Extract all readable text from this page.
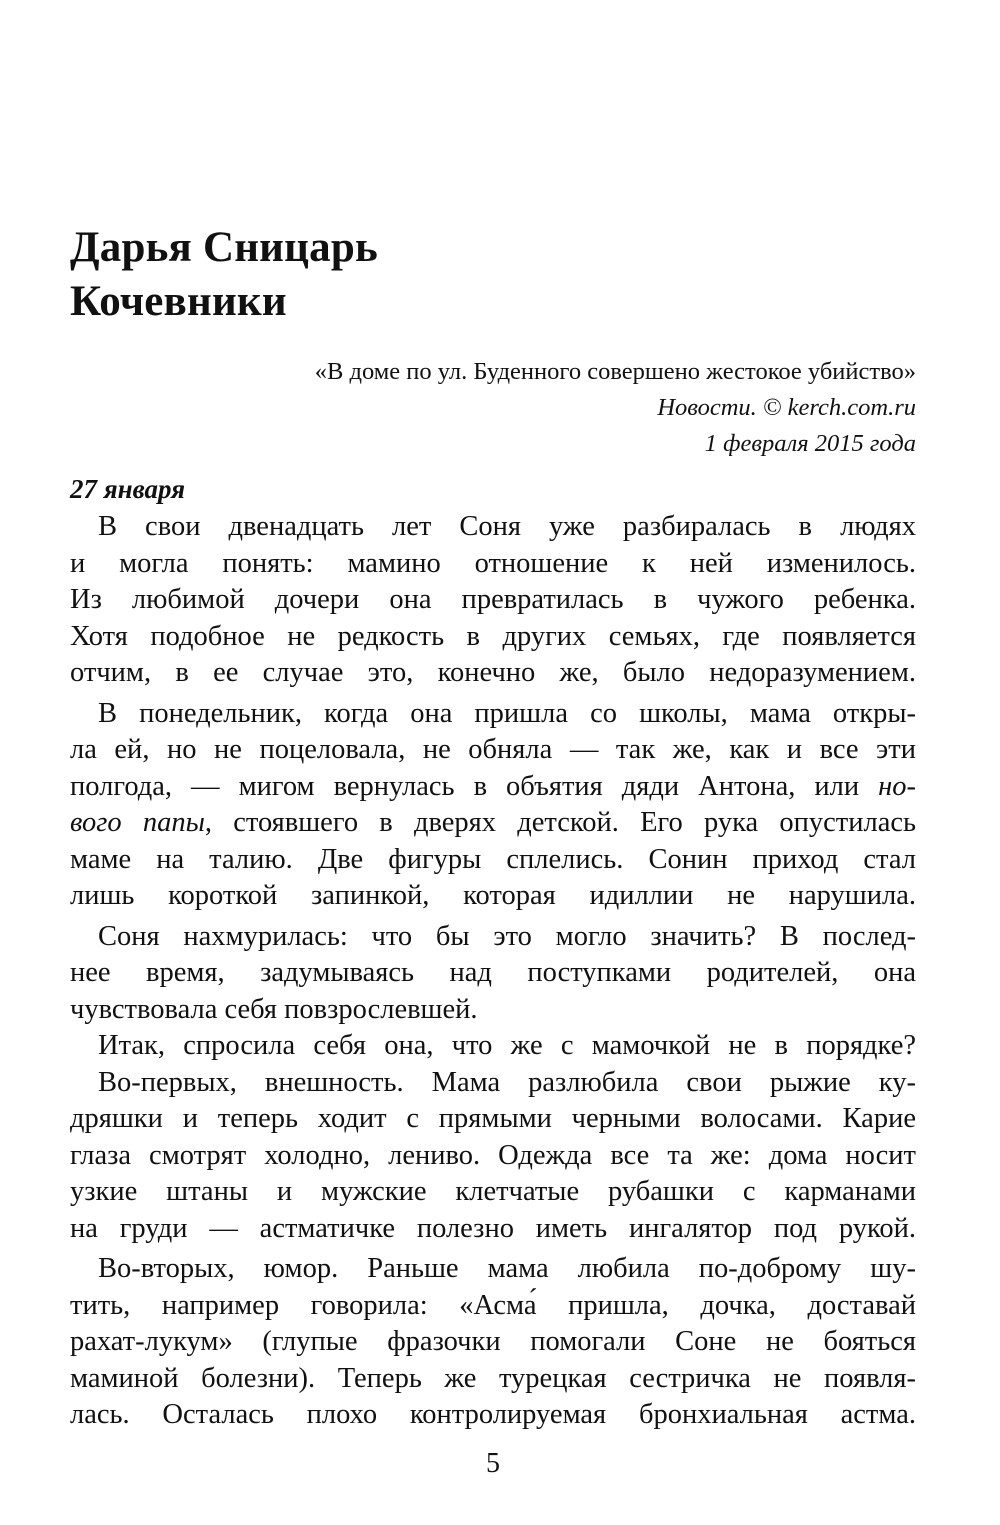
Дарья Сницарь
Кочевники
«В доме по ул. Буденного совершено жестокое убийство»
Новости. © kerch.com.ru
1 февраля 2015 года
27 января
В свои двенадцать лет Соня уже разбиралась в людях
и могла понять: мамино отношение к ней изменилось.
Из любимой дочери она превратилась в чужого ребенка.
Хотя подобное не редкость в других семьях, где появляется
отчим, в ее случае это, конечно же, было недоразумением.
В понедельник, когда она пришла со школы, мама откры-
ла ей, но не поцеловала, не обняла — так же, как и все эти
полгода, — мигом вернулась в объятия дяди Антона, или но-
вого папы, стоявшего в дверях детской. Его рука опустилась
маме на талию. Две фигуры сплелись. Сонин приход стал
лишь короткой запинкой, которая идиллии не нарушила.
Соня нахмурилась: что бы это могло значить? В послед-
нее время, задумываясь над поступками родителей, она
чувствовала себя повзрослевшей.
Итак, спросила себя она, что же с мамочкой не в порядке?
Во-первых, внешность. Мама разлюбила свои рыжие ку-
дряшки и теперь ходит с прямыми черными волосами. Карие
глаза смотрят холодно, лениво. Одежда все та же: дома носит
узкие штаны и мужские клетчатые рубашки с карманами
на груди — астматичке полезно иметь ингалятор под рукой.
Во-вторых, юмор. Раньше мама любила по-доброму шу-
тить, например говорила: «Асма́ пришла, дочка, доставай
рахат-лукум» (глупые фразочки помогали Соне не бояться
маминой болезни). Теперь же турецкая сестричка не появля-
лась. Осталась плохо контролируемая бронхиальная астма.
5
